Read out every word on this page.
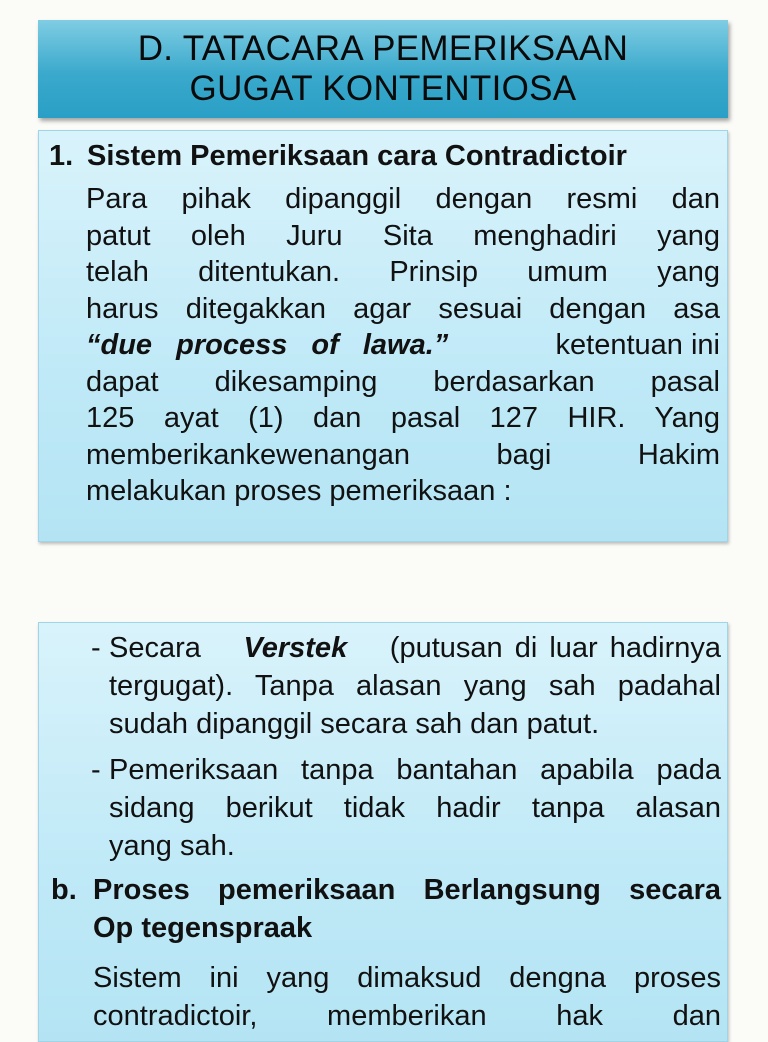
D. TATACARA PEMERIKSAAN
GUGAT KONTENTIOSA
1. Sistem Pemeriksaan cara Contradictoir
Para pihak dipanggil dengan resmi dan
patut oleh Juru Sita menghadiri yang
telah ditentukan. Prinsip umum yang
harus ditegakkan agar sesuai dengan asa
“due process of lawa.”	ketentuan ini
dapat dikesamping berdasarkan pasal
125 ayat (1) dan pasal 127 HIR. Yang
memberikankewenangan bagi Hakim
melakukan proses pemeriksaan :
- Secara Verstek (putusan di luar hadirnya
tergugat). Tanpa alasan yang sah padahal
sudah dipanggil secara sah dan patut.
- Pemeriksaan tanpa bantahan apabila pada
sidang berikut tidak hadir tanpa alasan
yang sah.
b. Proses pemeriksaan Berlangsung secara
Op tegenspraak
Sistem ini yang dimaksud dengna proses
contradictoir, memberikan hak dan
